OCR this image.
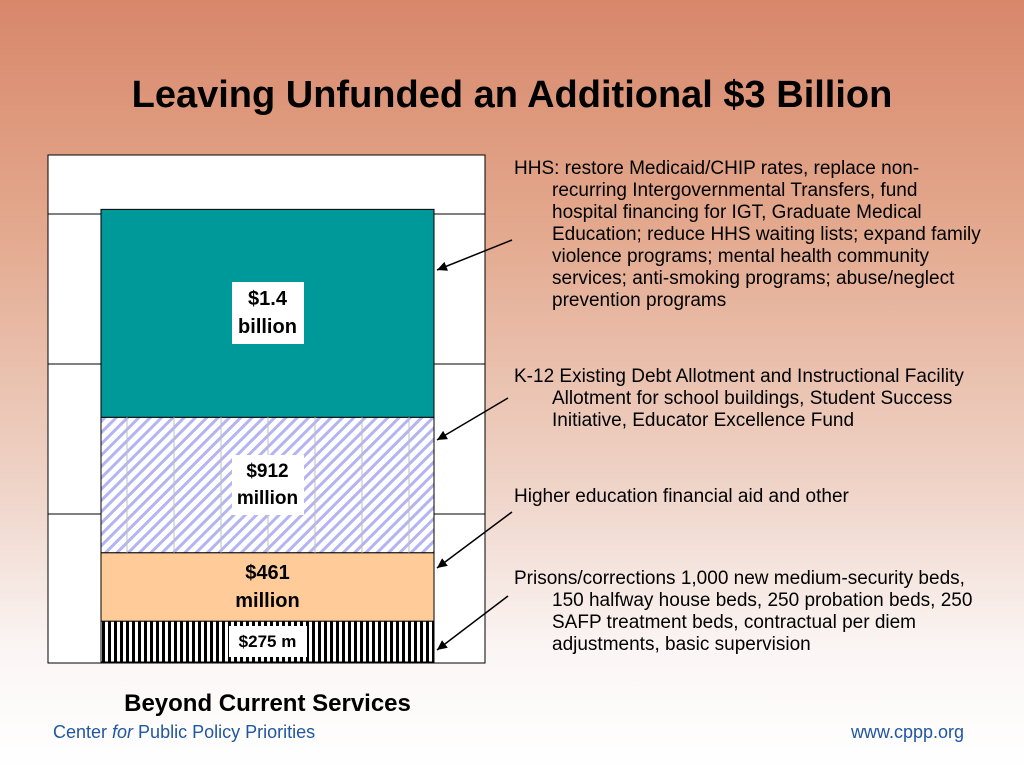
Leaving Unfunded an Additional $3 Billion
$275 m
$461
million
$912
million
$1.4
billion
Beyond Current Services
HHS: restore Medicaid/CHIP rates, replace non-recurring Intergovernmental Transfers, fund hospital financing for IGT, Graduate Medical Education; reduce HHS waiting lists; expand family violence programs; mental health community services; anti-smoking programs; abuse/neglect prevention programs
K-12 Existing Debt Allotment and Instructional Facility Allotment for school buildings, Student Success Initiative, Educator Excellence Fund
Higher education financial aid and other
Prisons/corrections 1,000 new medium-security beds, 150 halfway house beds, 250 probation beds, 250 SAFP treatment beds, contractual per diem adjustments, basic supervision
Center for Public Policy Priorities	www.cppp.org
